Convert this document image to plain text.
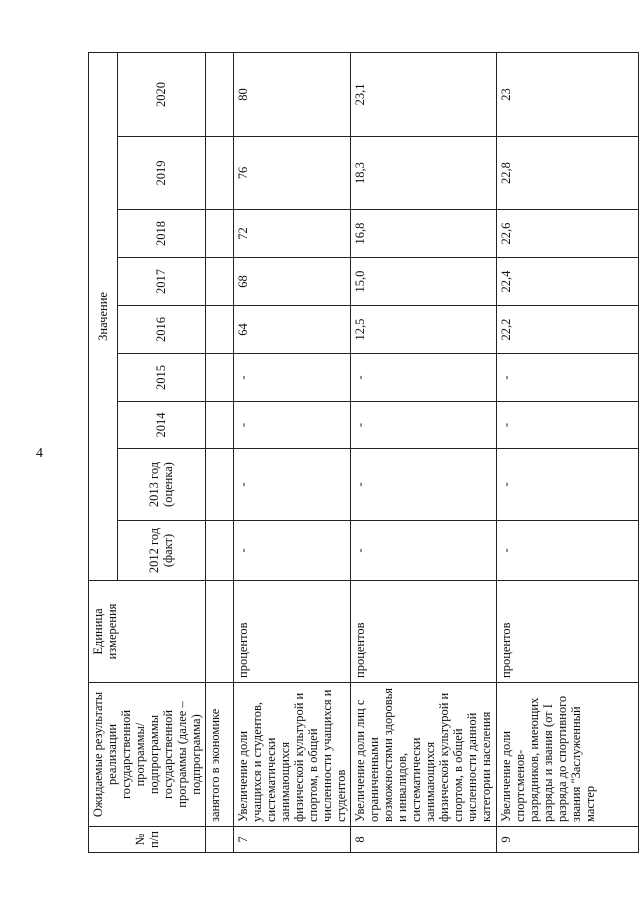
4
№ п/п	Ожидаемые результаты реализации государственной программы/подпрограммы государственной программы (далее – подпрограмма)	Единица измерения	Значение								
			2012 год (факт)	2013 год (оценка)	2014	2015	2016	2017	2018	2019	2020
	занятого в экономике										
7	Увеличение доли учащихся и студентов, систематически занимающихся физической культурой и спортом, в общей численности учащихся и студентов	процентов	-	-	-	-	64	68	72	76	80
8	Увеличение доли лиц с ограниченными возможностями здоровья и инвалидов, систематически занимающихся физической культурой и спортом, в общей численности данной категории населения	процентов	-	-	-	-	12,5	15,0	16,8	18,3	23,1
9	Увеличение доли спортсменов-разрядников, имеющих разряды и звания (от I разряда до спортивного звания "Заслуженный мастер	процентов	-	-	-	-	22,2	22,4	22,6	22,8	23
